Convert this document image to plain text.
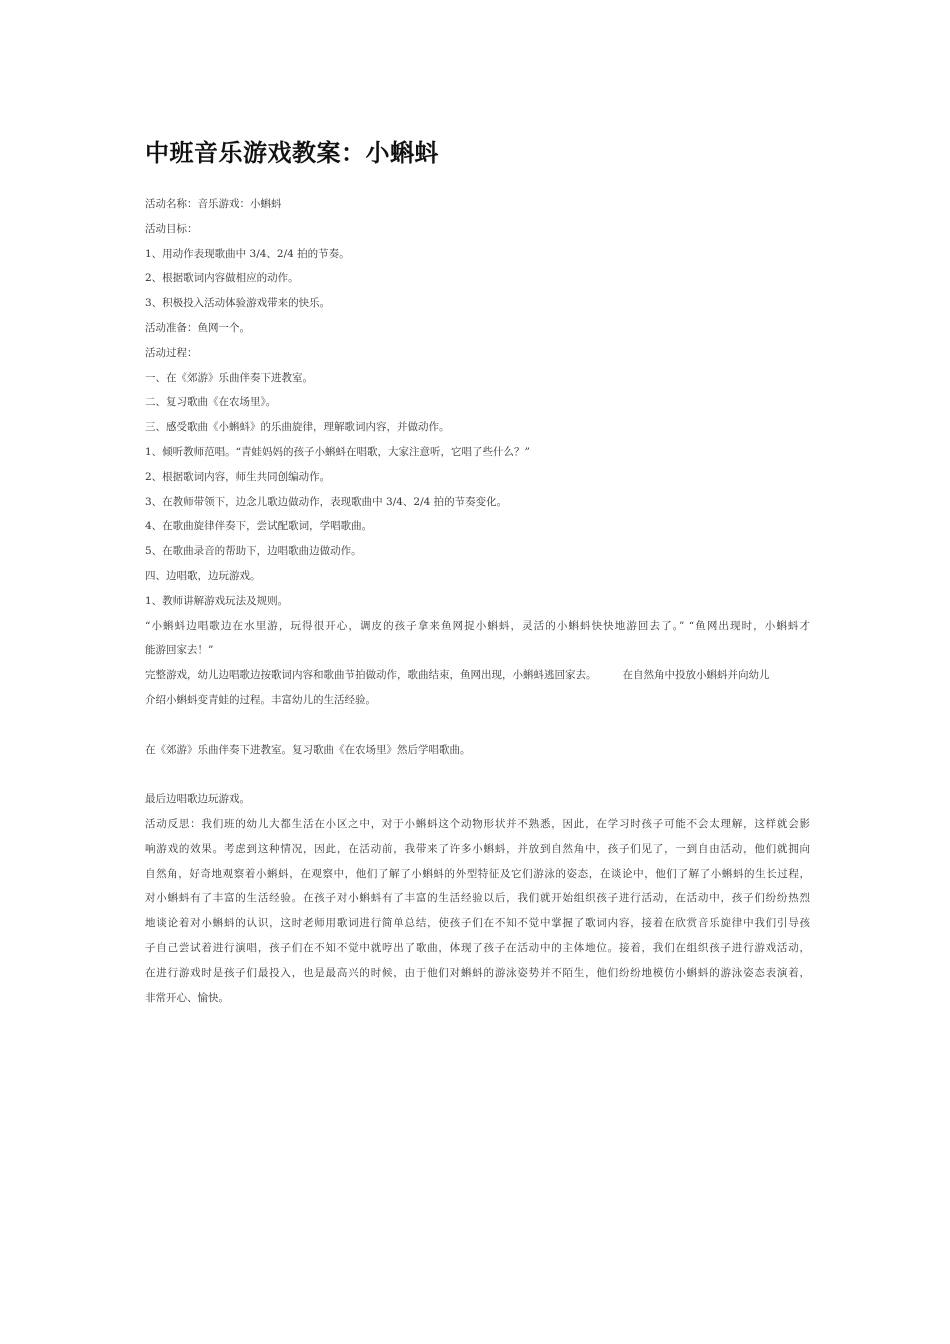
中班音乐游戏教案：小蝌蚪
活动名称：音乐游戏：小蝌蚪
活动目标：
1、用动作表现歌曲中 3/4、2/4 拍的节奏。
2、根据歌词内容做相应的动作。
3、积极投入活动体验游戏带来的快乐。
活动准备：鱼网一个。
活动过程：
一、在《郊游》乐曲伴奏下进教室。
二、复习歌曲《在农场里》。
三、感受歌曲《小蝌蚪》的乐曲旋律，理解歌词内容，并做动作。
1、倾听教师范唱。“青蛙妈妈的孩子小蝌蚪在唱歌，大家注意听，它唱了些什么？”
2、根据歌词内容，师生共同创编动作。
3、在教师带领下，边念儿歌边做动作，表现歌曲中 3/4、2/4 拍的节奏变化。
4、在歌曲旋律伴奏下，尝试配歌词，学唱歌曲。
5、在歌曲录音的帮助下，边唱歌曲边做动作。
四、边唱歌，边玩游戏。
1、教师讲解游戏玩法及规则。
“小蝌蚪边唱歌边在水里游，玩得很开心，调皮的孩子拿来鱼网捉小蝌蚪，灵活的小蝌蚪快快地游回去了。” “鱼网出现时，小蝌蚪才
能游回家去！”
完整游戏，幼儿边唱歌边按歌词内容和歌曲节拍做动作，歌曲结束，鱼网出现，小蝌蚪逃回家去。 在自然角中投放小蝌蚪并向幼儿
介绍小蝌蚪变青蛙的过程。丰富幼儿的生活经验。
在《郊游》乐曲伴奏下进教室。复习歌曲《在农场里》然后学唱歌曲。
最后边唱歌边玩游戏。
活动反思：我们班的幼儿大都生活在小区之中，对于小蝌蚪这个动物形状并不熟悉，因此，在学习时孩子可能不会太理解，这样就会影
响游戏的效果。考虑到这种情况，因此，在活动前，我带来了许多小蝌蚪，并放到自然角中，孩子们见了，一到自由活动，他们就拥向
自然角，好奇地观察着小蝌蚪，在观察中，他们了解了小蝌蚪的外型特征及它们游泳的姿态，在谈论中，他们了解了小蝌蚪的生长过程，
对小蝌蚪有了丰富的生活经验。在孩子对小蝌蚪有了丰富的生活经验以后，我们就开始组织孩子进行活动，在活动中，孩子们纷纷热烈
地谈论着对小蝌蚪的认识，这时老师用歌词进行简单总结，使孩子们在不知不觉中掌握了歌词内容，接着在欣赏音乐旋律中我们引导孩
子自己尝试着进行演唱，孩子们在不知不觉中就哼出了歌曲，体现了孩子在活动中的主体地位。接着，我们在组织孩子进行游戏活动，
在进行游戏时是孩子们最投入，也是最高兴的时候，由于他们对蝌蚪的游泳姿势并不陌生，他们纷纷地模仿小蝌蚪的游泳姿态表演着，
非常开心、愉快。
